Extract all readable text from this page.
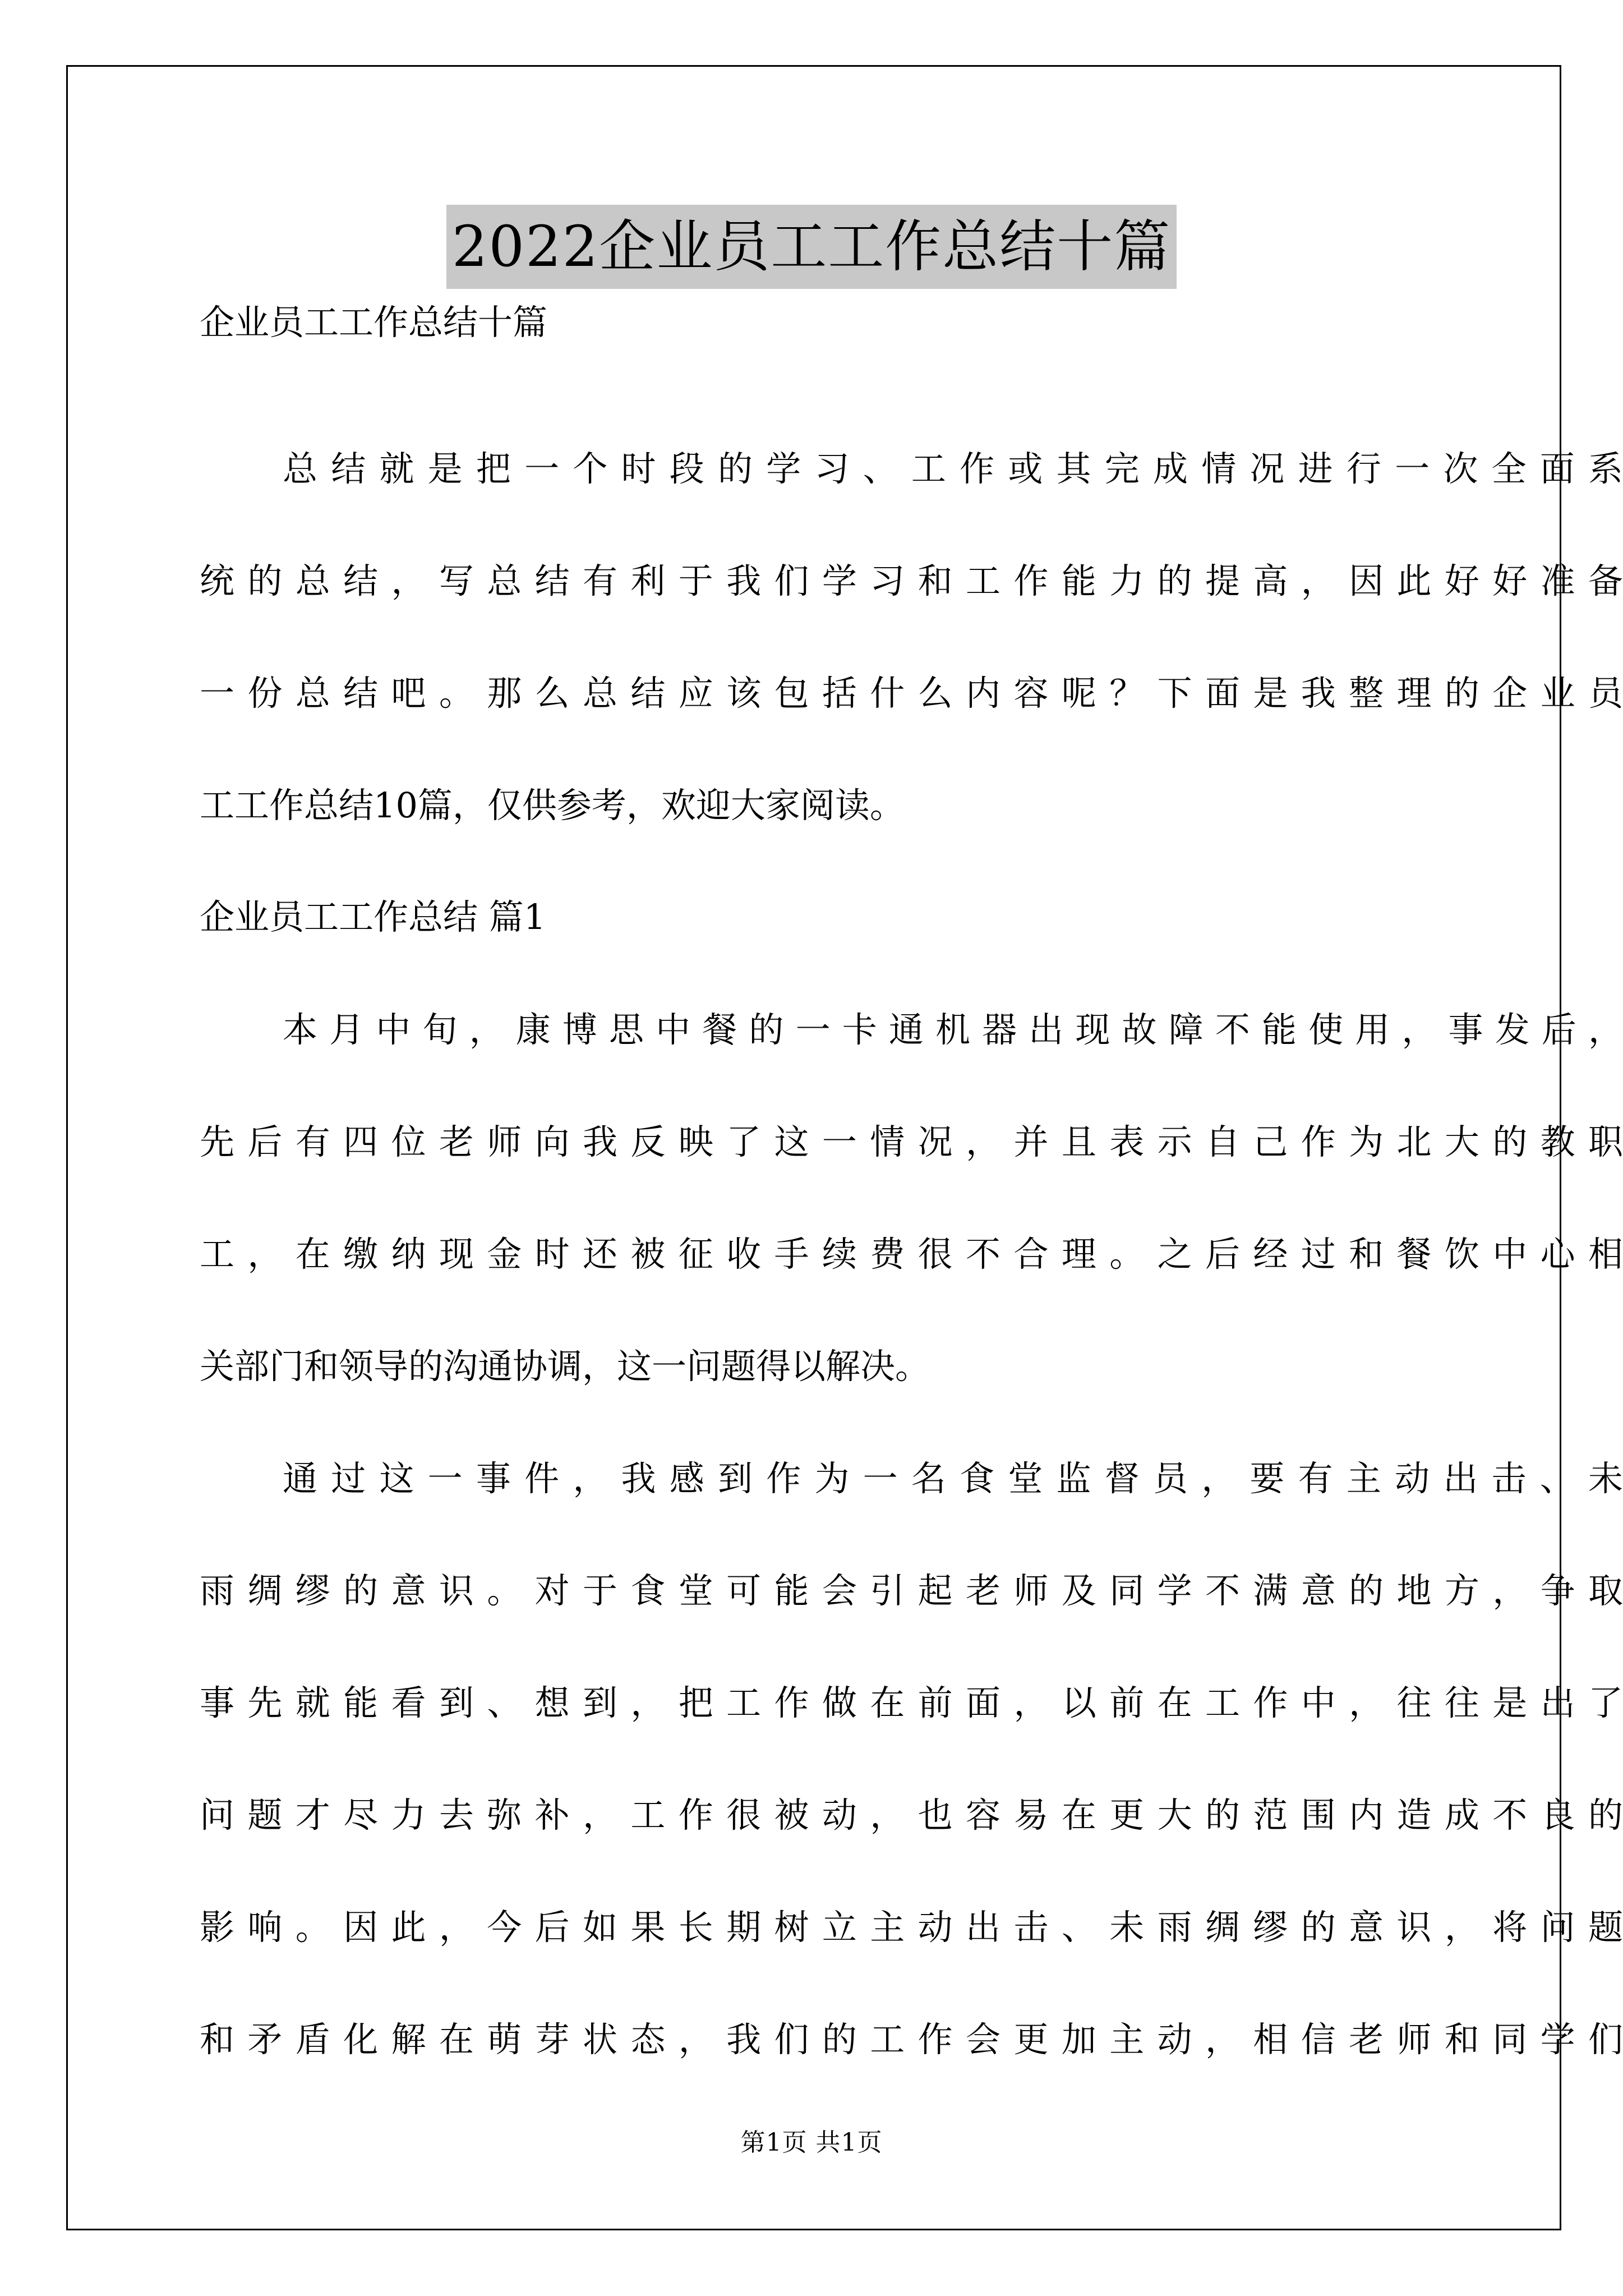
2022企业员工工作总结十篇
企业员工工作总结十篇
总结就是把一个时段的学习、工作或其完成情况进行一次全面系
统的总结，写总结有利于我们学习和工作能力的提高，因此好好准备
一份总结吧。那么总结应该包括什么内容呢？下面是我整理的企业员
工工作总结10篇，仅供参考，欢迎大家阅读。
企业员工工作总结 篇1
本月中旬，康博思中餐的一卡通机器出现故障不能使用，事发后，
先后有四位老师向我反映了这一情况，并且表示自己作为北大的教职
工，在缴纳现金时还被征收手续费很不合理。之后经过和餐饮中心相
关部门和领导的沟通协调，这一问题得以解决。
通过这一事件，我感到作为一名食堂监督员，要有主动出击、未
雨绸缪的意识。对于食堂可能会引起老师及同学不满意的地方，争取
事先就能看到、想到，把工作做在前面，以前在工作中，往往是出了
问题才尽力去弥补，工作很被动，也容易在更大的范围内造成不良的
影响。因此，今后如果长期树立主动出击、未雨绸缪的意识，将问题
和矛盾化解在萌芽状态，我们的工作会更加主动，相信老师和同学们
第1页 共1页
